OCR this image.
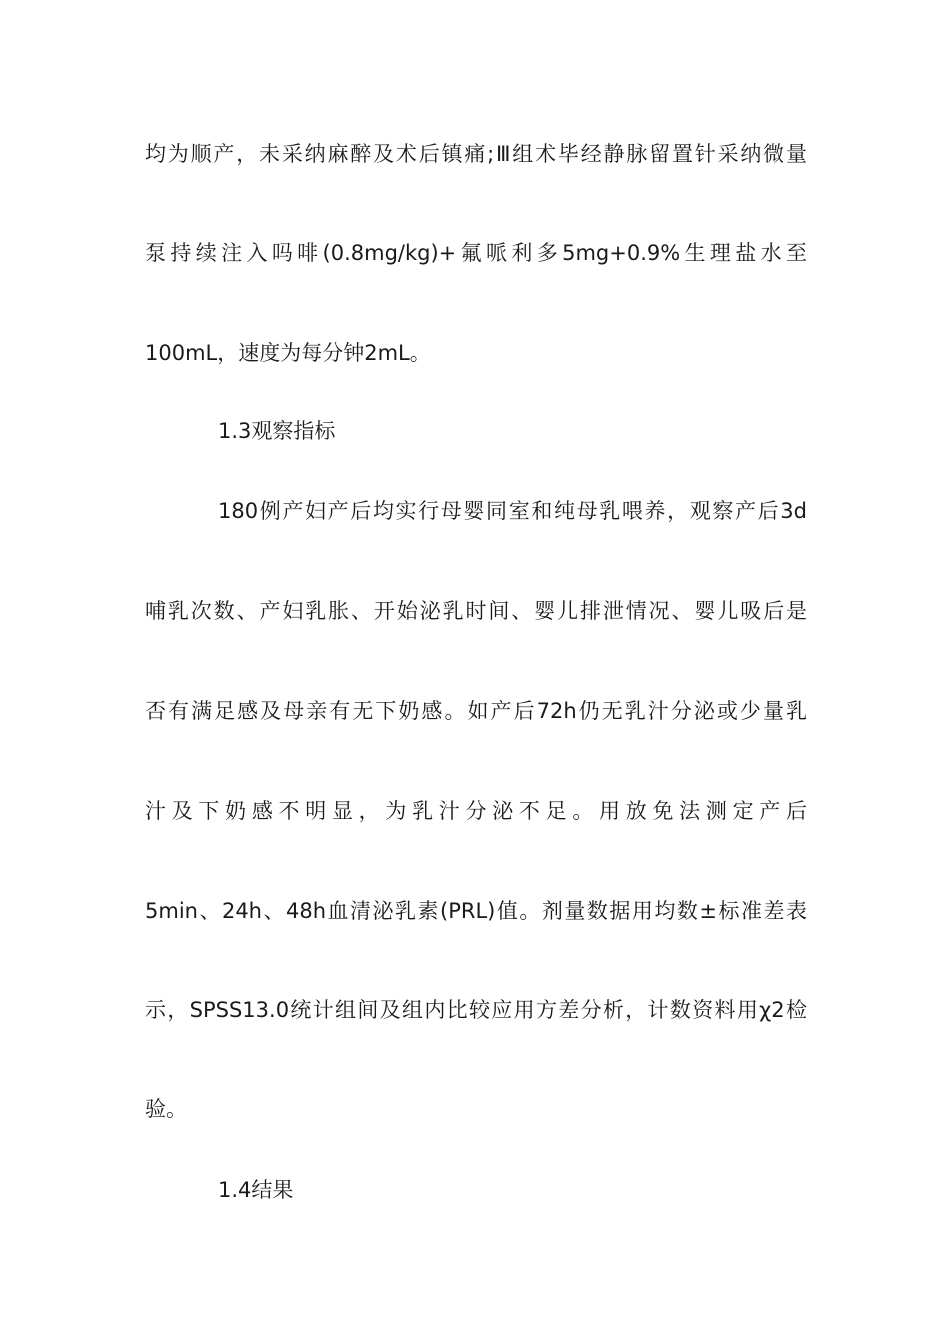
均为顺产，未采纳麻醉及术后镇痛;Ⅲ组术毕经静脉留置针采纳微量
泵持续注入吗啡(0.8mg/kg)+氟哌利多5mg+0.9%生理盐水至
100mL，速度为每分钟2mL。
1.3观察指标
180例产妇产后均实行母婴同室和纯母乳喂养，观察产后3d
哺乳次数、产妇乳胀、开始泌乳时间、婴儿排泄情况、婴儿吸后是
否有满足感及母亲有无下奶感。如产后72h仍无乳汁分泌或少量乳
汁及下奶感不明显，为乳汁分泌不足。用放免法测定产后
5min、24h、48h血清泌乳素(PRL)值。剂量数据用均数±标准差表
示，SPSS13.0统计组间及组内比较应用方差分析，计数资料用χ2检
验。
1.4结果
